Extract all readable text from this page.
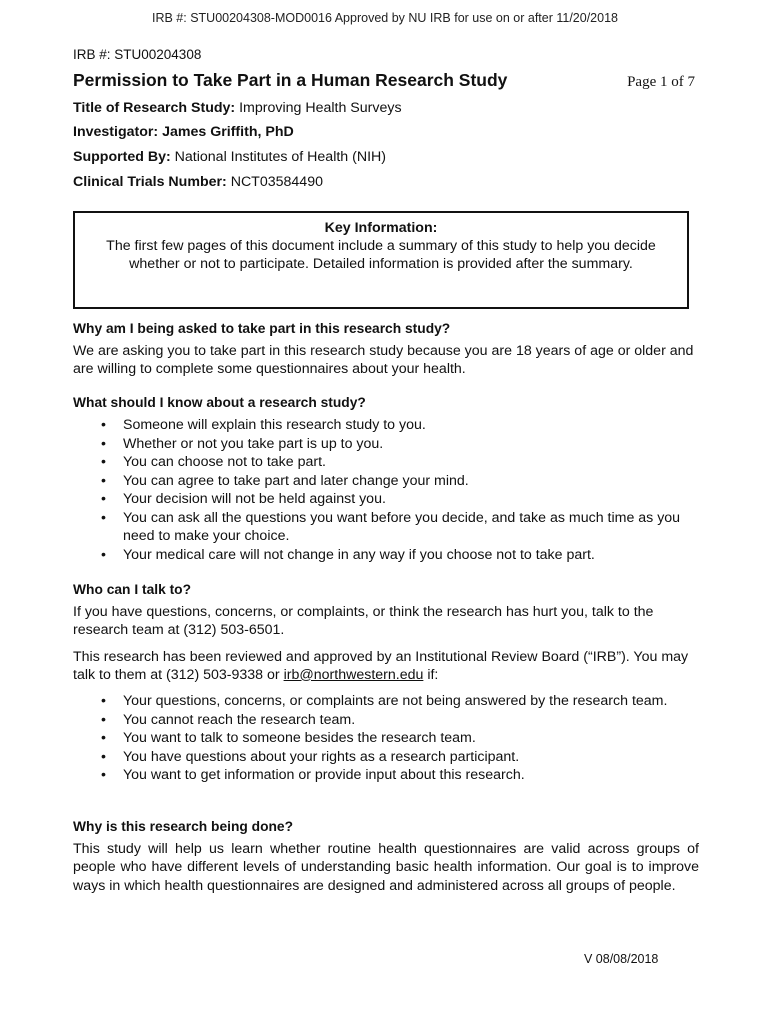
IRB #: STU00204308-MOD0016 Approved by NU IRB for use on or after 11/20/2018
IRB #: STU00204308
Permission to Take Part in a Human Research Study	Page 1 of 7
Title of Research Study: Improving Health Surveys
Investigator: James Griffith, PhD
Supported By: National Institutes of Health (NIH)
Clinical Trials Number: NCT03584490
Key Information:
The first few pages of this document include a summary of this study to help you decide whether or not to participate. Detailed information is provided after the summary.
Why am I being asked to take part in this research study?
We are asking you to take part in this research study because you are 18 years of age or older and are willing to complete some questionnaires about your health.
What should I know about a research study?
• Someone will explain this research study to you.
• Whether or not you take part is up to you.
• You can choose not to take part.
• You can agree to take part and later change your mind.
• Your decision will not be held against you.
• You can ask all the questions you want before you decide, and take as much time as you need to make your choice.
• Your medical care will not change in any way if you choose not to take part.
Who can I talk to?
If you have questions, concerns, or complaints, or think the research has hurt you, talk to the research team at (312) 503-6501.
This research has been reviewed and approved by an Institutional Review Board (“IRB”). You may talk to them at (312) 503-9338 or irb@northwestern.edu if:
• Your questions, concerns, or complaints are not being answered by the research team.
• You cannot reach the research team.
• You want to talk to someone besides the research team.
• You have questions about your rights as a research participant.
• You want to get information or provide input about this research.
Why is this research being done?
This study will help us learn whether routine health questionnaires are valid across groups of people who have different levels of understanding basic health information. Our goal is to improve ways in which health questionnaires are designed and administered across all groups of people.
V 08/08/2018
